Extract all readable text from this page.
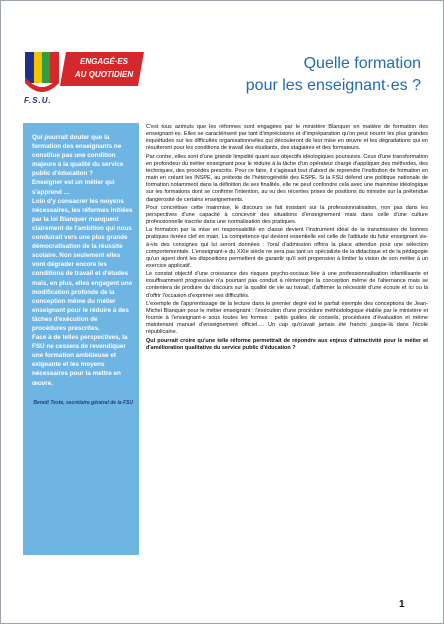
ENGAGÉ·ES
AU QUOTIDIEN
F.S.U.
Quelle formation
pour les enseignant·es ?

Qui pourrait douter que la formation des enseignants ne constitue pas une condition majeure à la qualité du service public d'éducation ?

Enseigner est un métier qui s'apprend …

Loin d'y consacrer les moyens nécessaires, les réformes initiées par la loi Blanquer manquent clairement de l'ambition qui nous conduirait vers une plus grande démocratisation de la réussite scolaire. Non seulement elles vont dégrader encore les conditions de travail et d'études mais, en plus, elles engagent une modification profonde de la conception même du métier enseignant pour le réduire à des tâches d'exécution de procédures prescrites.

Face à de telles perspectives, la FSU ne cessera de revendiquer une formation ambitieuse et exigeante et les moyens nécessaires pour la mettre en œuvre.

Benoît Teste, secrétaire général de la FSU

C'est tous azimuts que les réformes sont engagées par le ministère Blanquer en matière de formation des enseignant·es. Elles se caractérisent par tant d'imprécisions et d'impréparation qu'on peut nourrir les plus grandes inquiétudes sur les difficultés organisationnelles qui découleront de leur mise en œuvre et les dégradations qui en résulteront pour les conditions de travail des étudiants, des stagiaires et des formateurs.

Par contre, elles sont d'une grande limpidité quant aux objectifs idéologiques poursuivis. Ceux d'une transformation en profondeur du métier enseignant pour le réduire à la tâche d'un opérateur chargé d'appliquer des méthodes, des techniques, des procédés prescrits. Pour ce faire, il s'agissait tout d'abord de reprendre l'institution de formation en main en créant les INSPE, au prétexte de l'hétérogénéité des ESPE. Si la FSU défend une politique nationale de formation notamment dans la définition de ses finalités, elle ne peut confondre cela avec une mainmise idéologique sur les formations dont se confirme l'intention, au vu des récentes prises de positions du ministre sur la prétendue dangerosité de certains enseignements.

Pour concrétiser cette mainmise, le discours se fait insistant sur la professionnalisation, non pas dans les perspectives d'une capacité à concevoir des situations d'enseignement mais dans celle d'une culture professionnelle inscrite dans une normalisation des pratiques.

La formation par la mise en responsabilité en classe devient l'instrument idéal de la transmission de bonnes pratiques livrées clef en main. La compétence qui devient essentielle est celle de l'attitude du futur enseignant vis-à-vis des consignes qui lui seront données : l'oral d'admission offrira la place attendue pour une sélection comportementale. L'enseignant·e du XXIe siècle ne sera pas tant un spécialiste de la didactique et de la pédagogie qu'un agent dont les dispositions permettent de garantir qu'il soit propension à limiter la vision de son métier à un exercice applicatif.

Le constat objectif d'une croissance des risques psycho-sociaux liée à une professionnalisation infantilisante et insuffisamment progressive n'a pourtant pas conduit à réinterroger la conception même de l'alternance mais se contentera de produire du discours sur la qualité de vie au travail, d'affirmer la nécessité d'une écoute et ici ou là d'offrir l'occasion d'exprimer ses difficultés.

L'exemple de l'apprentissage de la lecture dans le premier degré est le parfait exemple des conceptions de Jean-Michel Blanquer pour le métier enseignant : l'exécution d'une procédure méthodologique établie par le ministère et fournie à l'enseignant·e sous toutes les formes : petits guides de conseils, procédures d'évaluation et même maintenant manuel d'enseignement officiel…. Un cap qu'n'avait jamais été franchi jusque-là dans l'école républicaine.

Qui pourrait croire qu'une telle réforme permettrait de répondre aux enjeux d'attractivité pour le métier et d'amélioration qualitative du service public d'éducation ?

1
